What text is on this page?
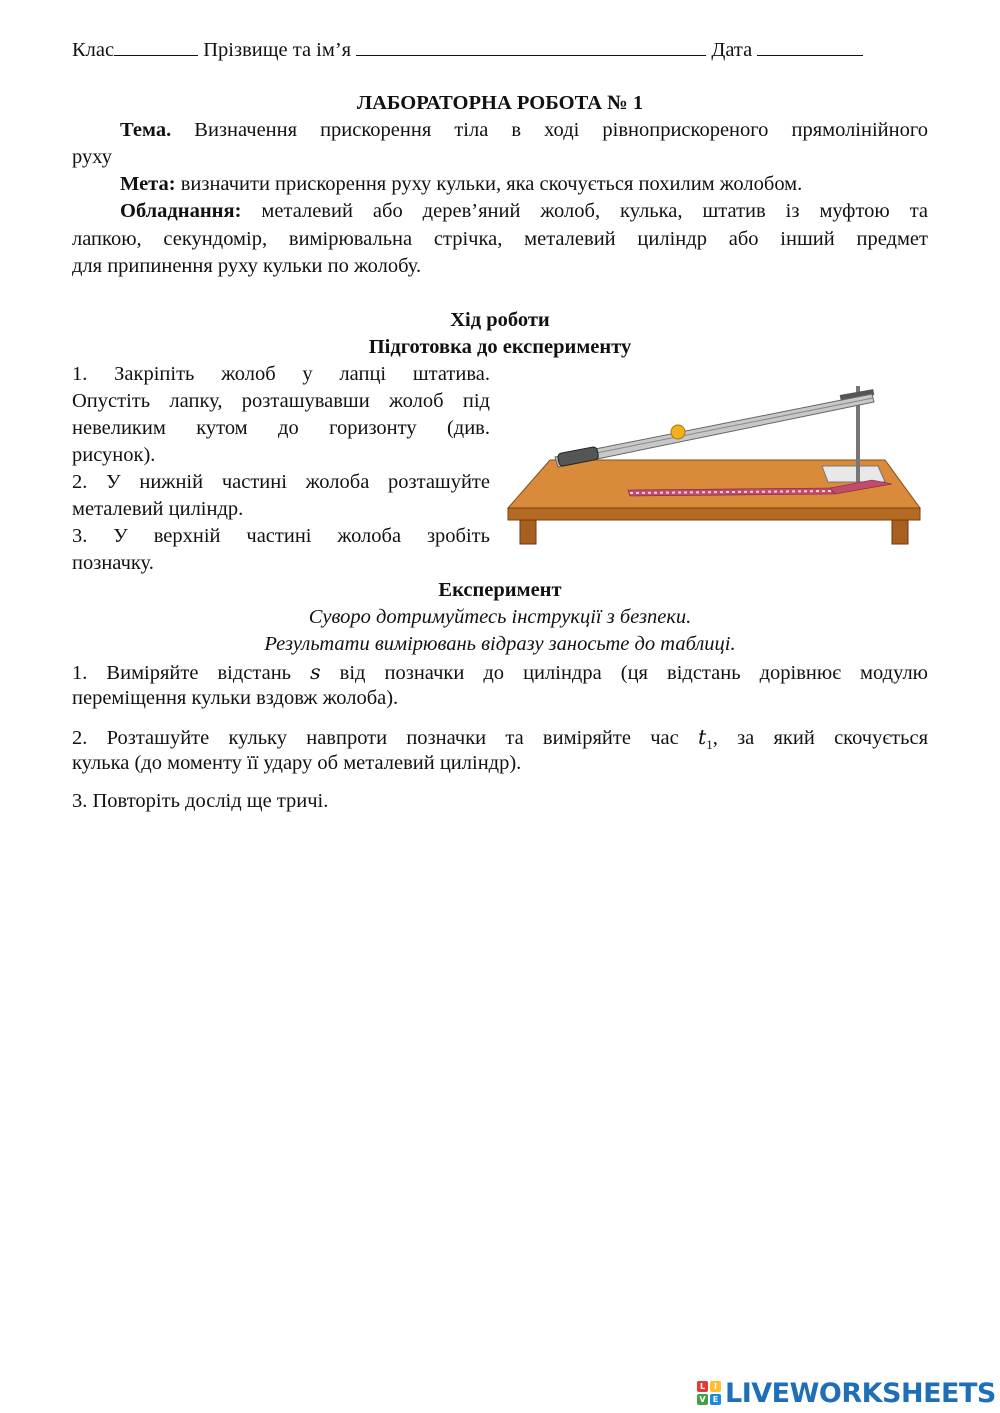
Клас	Прізвище та ім’я	Дата
ЛАБОРАТОРНА РОБОТА № 1
Тема. Визначення прискорення тіла в ході рівноприскореного прямолінійного
руху
Мета: визначити прискорення руху кульки, яка скочується похилим жолобом.
Обладнання: металевий або дерев’яний жолоб, кулька, штатив із муфтою та
лапкою, секундомір, вимірювальна стрічка, металевий циліндр або інший предмет
для припинення руху кульки по жолобу.
Хід роботи
Підготовка до експерименту
1. Закріпіть жолоб у лапці штатива.
Опустіть лапку, розташувавши жолоб під
невеликим кутом до горизонту (див.
рисунок).
2. У нижній частині жолоба розташуйте
металевий циліндр.
3. У верхній частині жолоба зробіть
позначку.
Експеримент
Суворо дотримуйтесь інструкції з безпеки.
Результати вимірювань відразу заносьте до таблиці.
1. Виміряйте відстань s від позначки до циліндра (ця відстань дорівнює модулю
переміщення кульки вздовж жолоба).
2. Розташуйте кульку навпроти позначки та виміряйте час $t_1$, за який скочується
кулька (до моменту її удару об металевий циліндр).
3. Повторіть дослід ще тричі.
L	I
V E LIVEWORKSHEETS
